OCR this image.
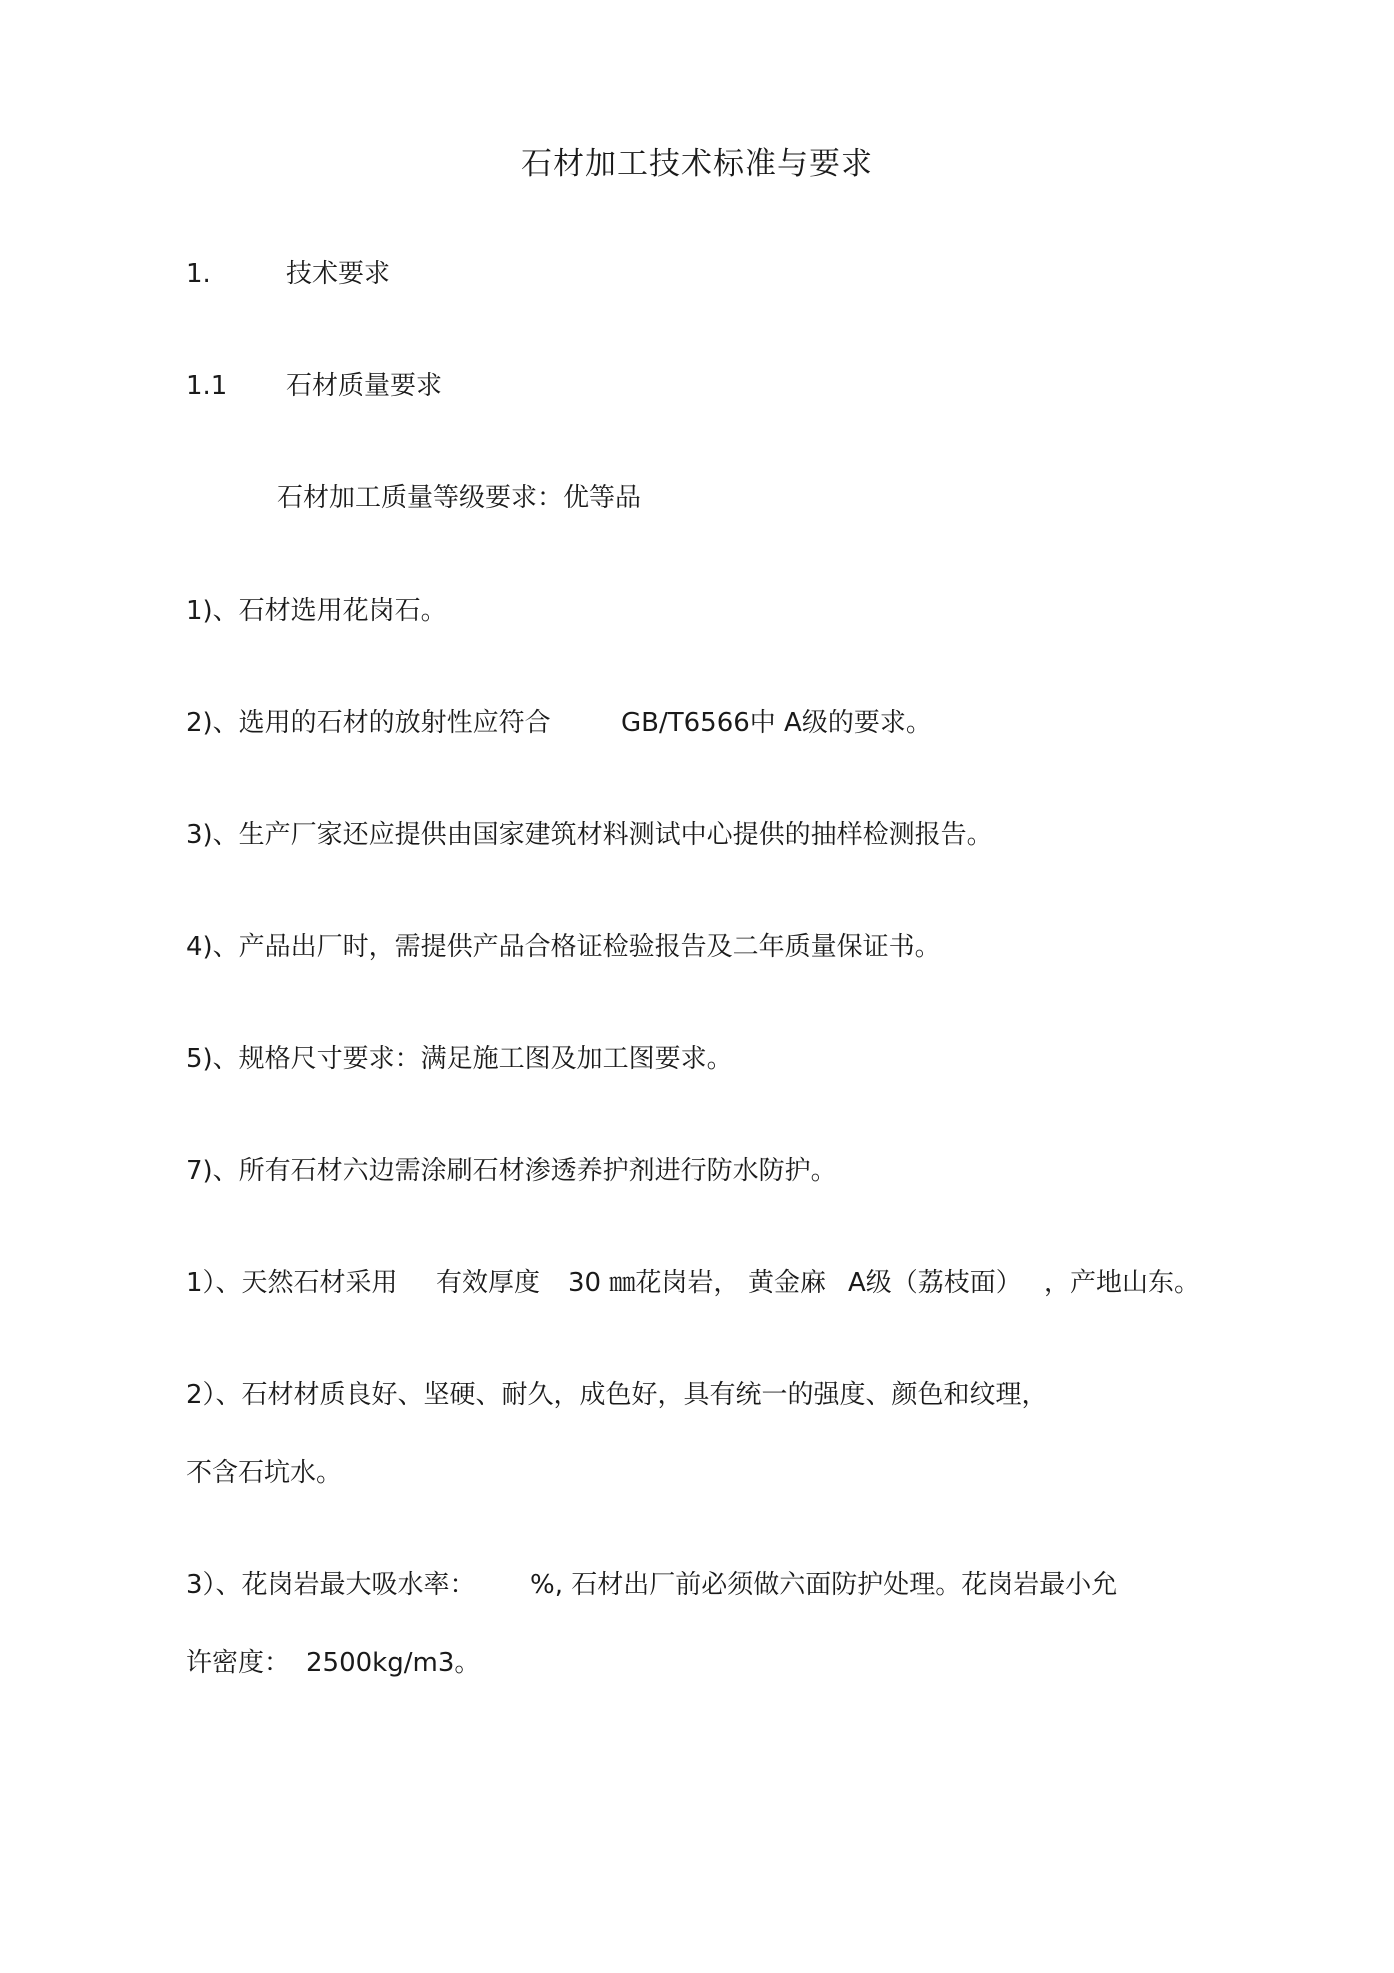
石材加工技术标准与要求
1.	技术要求
1.1 石材质量要求
石材加工质量等级要求：优等品
1)、石材选用花岗石。
2)、选用的石材的放射性应符合	GB/T6566中 A级的要求。
3)、生产厂家还应提供由国家建筑材料测试中心提供的抽样检测报告。
4)、产品出厂时，需提供产品合格证检验报告及二年质量保证书。
5)、规格尺寸要求：满足施工图及加工图要求。
7)、所有石材六边需涂刷石材渗透养护剂进行防水防护。
1）、天然石材采用 有效厚度 30 ㎜花岗岩， 黄金麻 A级（荔枝面） ，产地山东。
2）、石材材质良好、坚硬、耐久，成色好，具有统一的强度、颜色和纹理，
不含石坑水。
3）、花岗岩最大吸水率： %, 石材出厂前必须做六面防护处理。花岗岩最小允
许密度： 2500kg/m3。
